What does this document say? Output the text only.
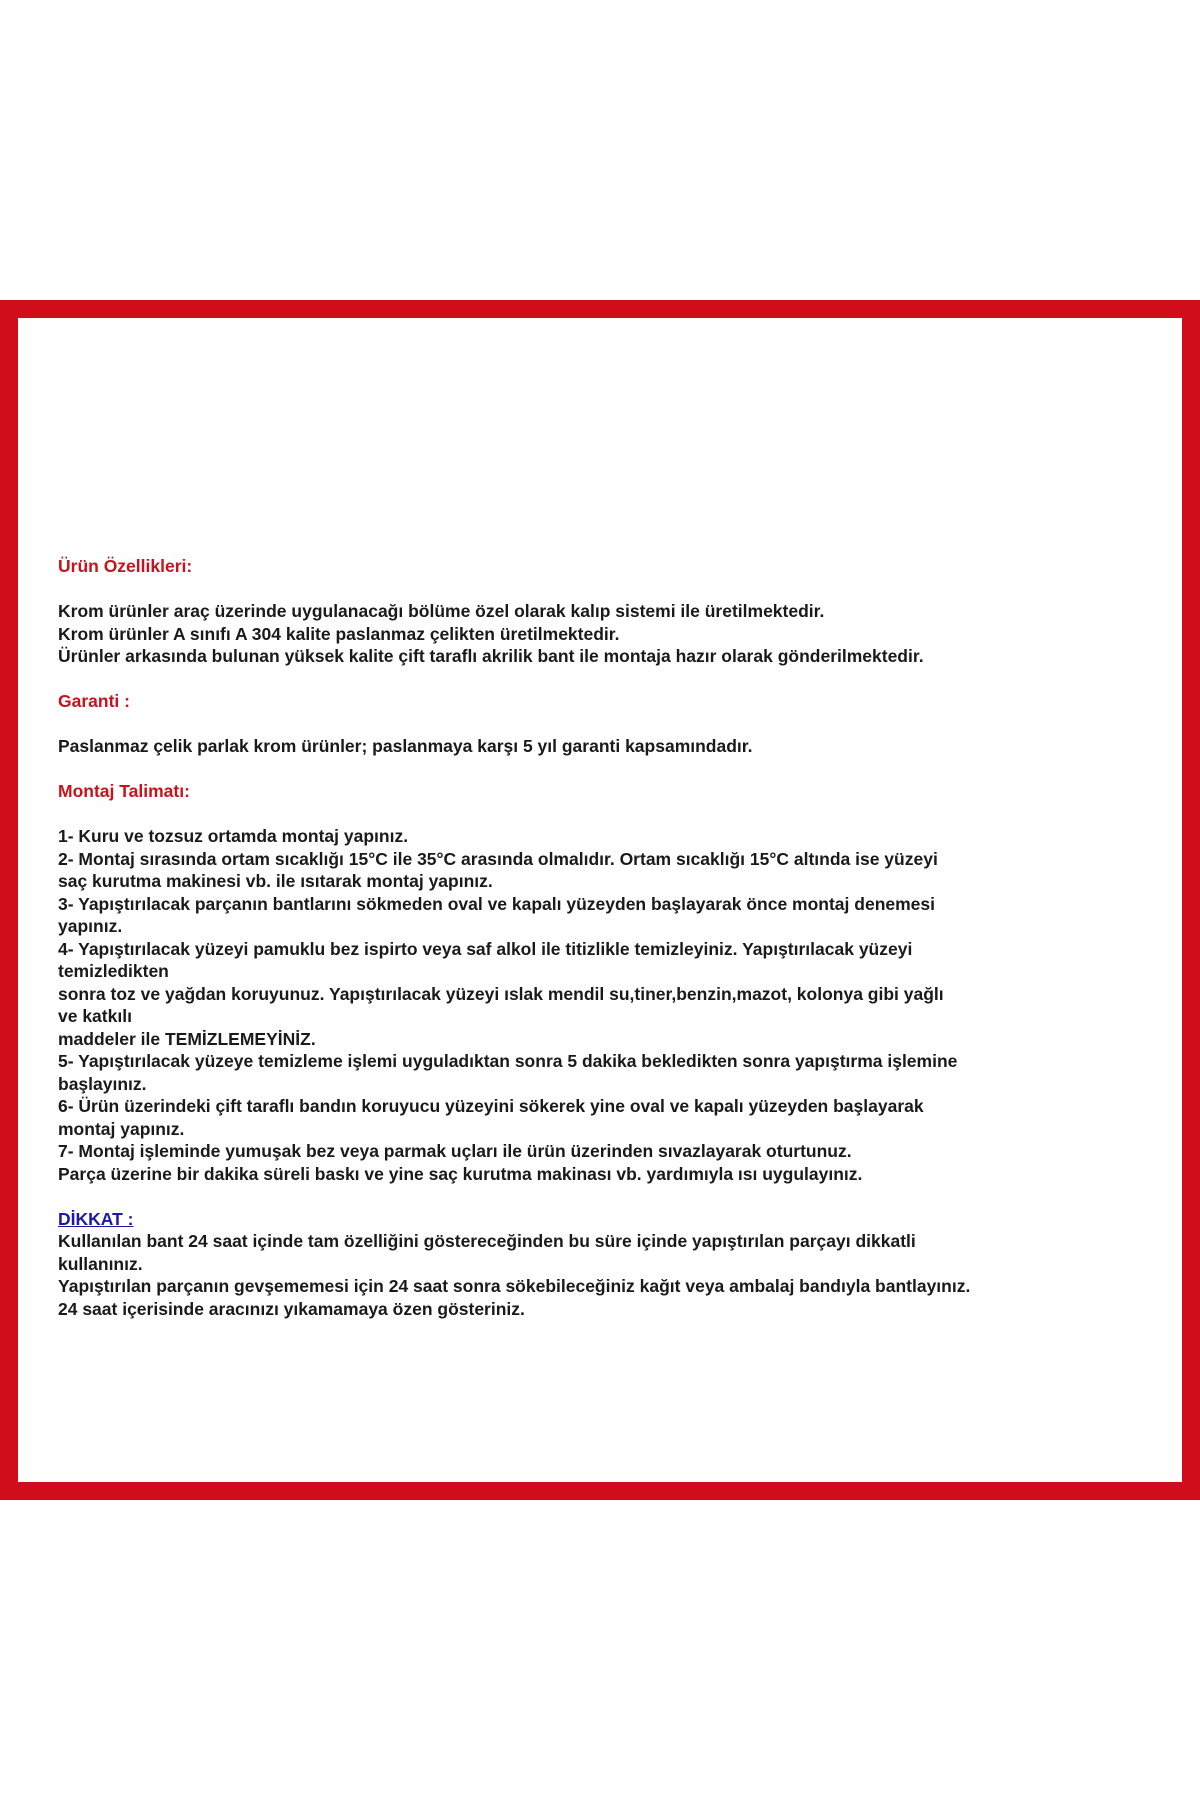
Ürün Özellikleri:

Krom ürünler araç üzerinde uygulanacağı bölüme özel olarak kalıp sistemi ile üretilmektedir.

Krom ürünler A sınıfı A 304 kalite paslanmaz çelikten üretilmektedir.

Ürünler arkasında bulunan yüksek kalite çift taraflı akrilik bant ile montaja hazır olarak gönderilmektedir.

Garanti :

Paslanmaz çelik parlak krom ürünler; paslanmaya karşı 5 yıl garanti kapsamındadır.

Montaj Talimatı:

1- Kuru ve tozsuz ortamda montaj yapınız.

2- Montaj sırasında ortam sıcaklığı 15°C ile 35°C arasında olmalıdır. Ortam sıcaklığı 15°C altında ise yüzeyi

saç kurutma makinesi vb. ile ısıtarak montaj yapınız.

3- Yapıştırılacak parçanın bantlarını sökmeden oval ve kapalı yüzeyden başlayarak önce montaj denemesi

yapınız.

4- Yapıştırılacak yüzeyi pamuklu bez ispirto veya saf alkol ile titizlikle temizleyiniz. Yapıştırılacak yüzeyi

temizledikten

sonra toz ve yağdan koruyunuz. Yapıştırılacak yüzeyi ıslak mendil su,tiner,benzin,mazot, kolonya gibi yağlı

ve katkılı

maddeler ile TEMİZLEMEYİNİZ.

5- Yapıştırılacak yüzeye temizleme işlemi uyguladıktan sonra 5 dakika bekledikten sonra yapıştırma işlemine

başlayınız.

6- Ürün üzerindeki çift taraflı bandın koruyucu yüzeyini sökerek yine oval ve kapalı yüzeyden başlayarak

montaj yapınız.

7- Montaj işleminde yumuşak bez veya parmak uçları ile ürün üzerinden sıvazlayarak oturtunuz.

Parça üzerine bir dakika süreli baskı ve yine saç kurutma makinası vb. yardımıyla ısı uygulayınız.

DİKKAT :

Kullanılan bant 24 saat içinde tam özelliğini göstereceğinden bu süre içinde yapıştırılan parçayı dikkatli

kullanınız.

Yapıştırılan parçanın gevşememesi için 24 saat sonra sökebileceğiniz kağıt veya ambalaj bandıyla bantlayınız.

24 saat içerisinde aracınızı yıkamamaya özen gösteriniz.
